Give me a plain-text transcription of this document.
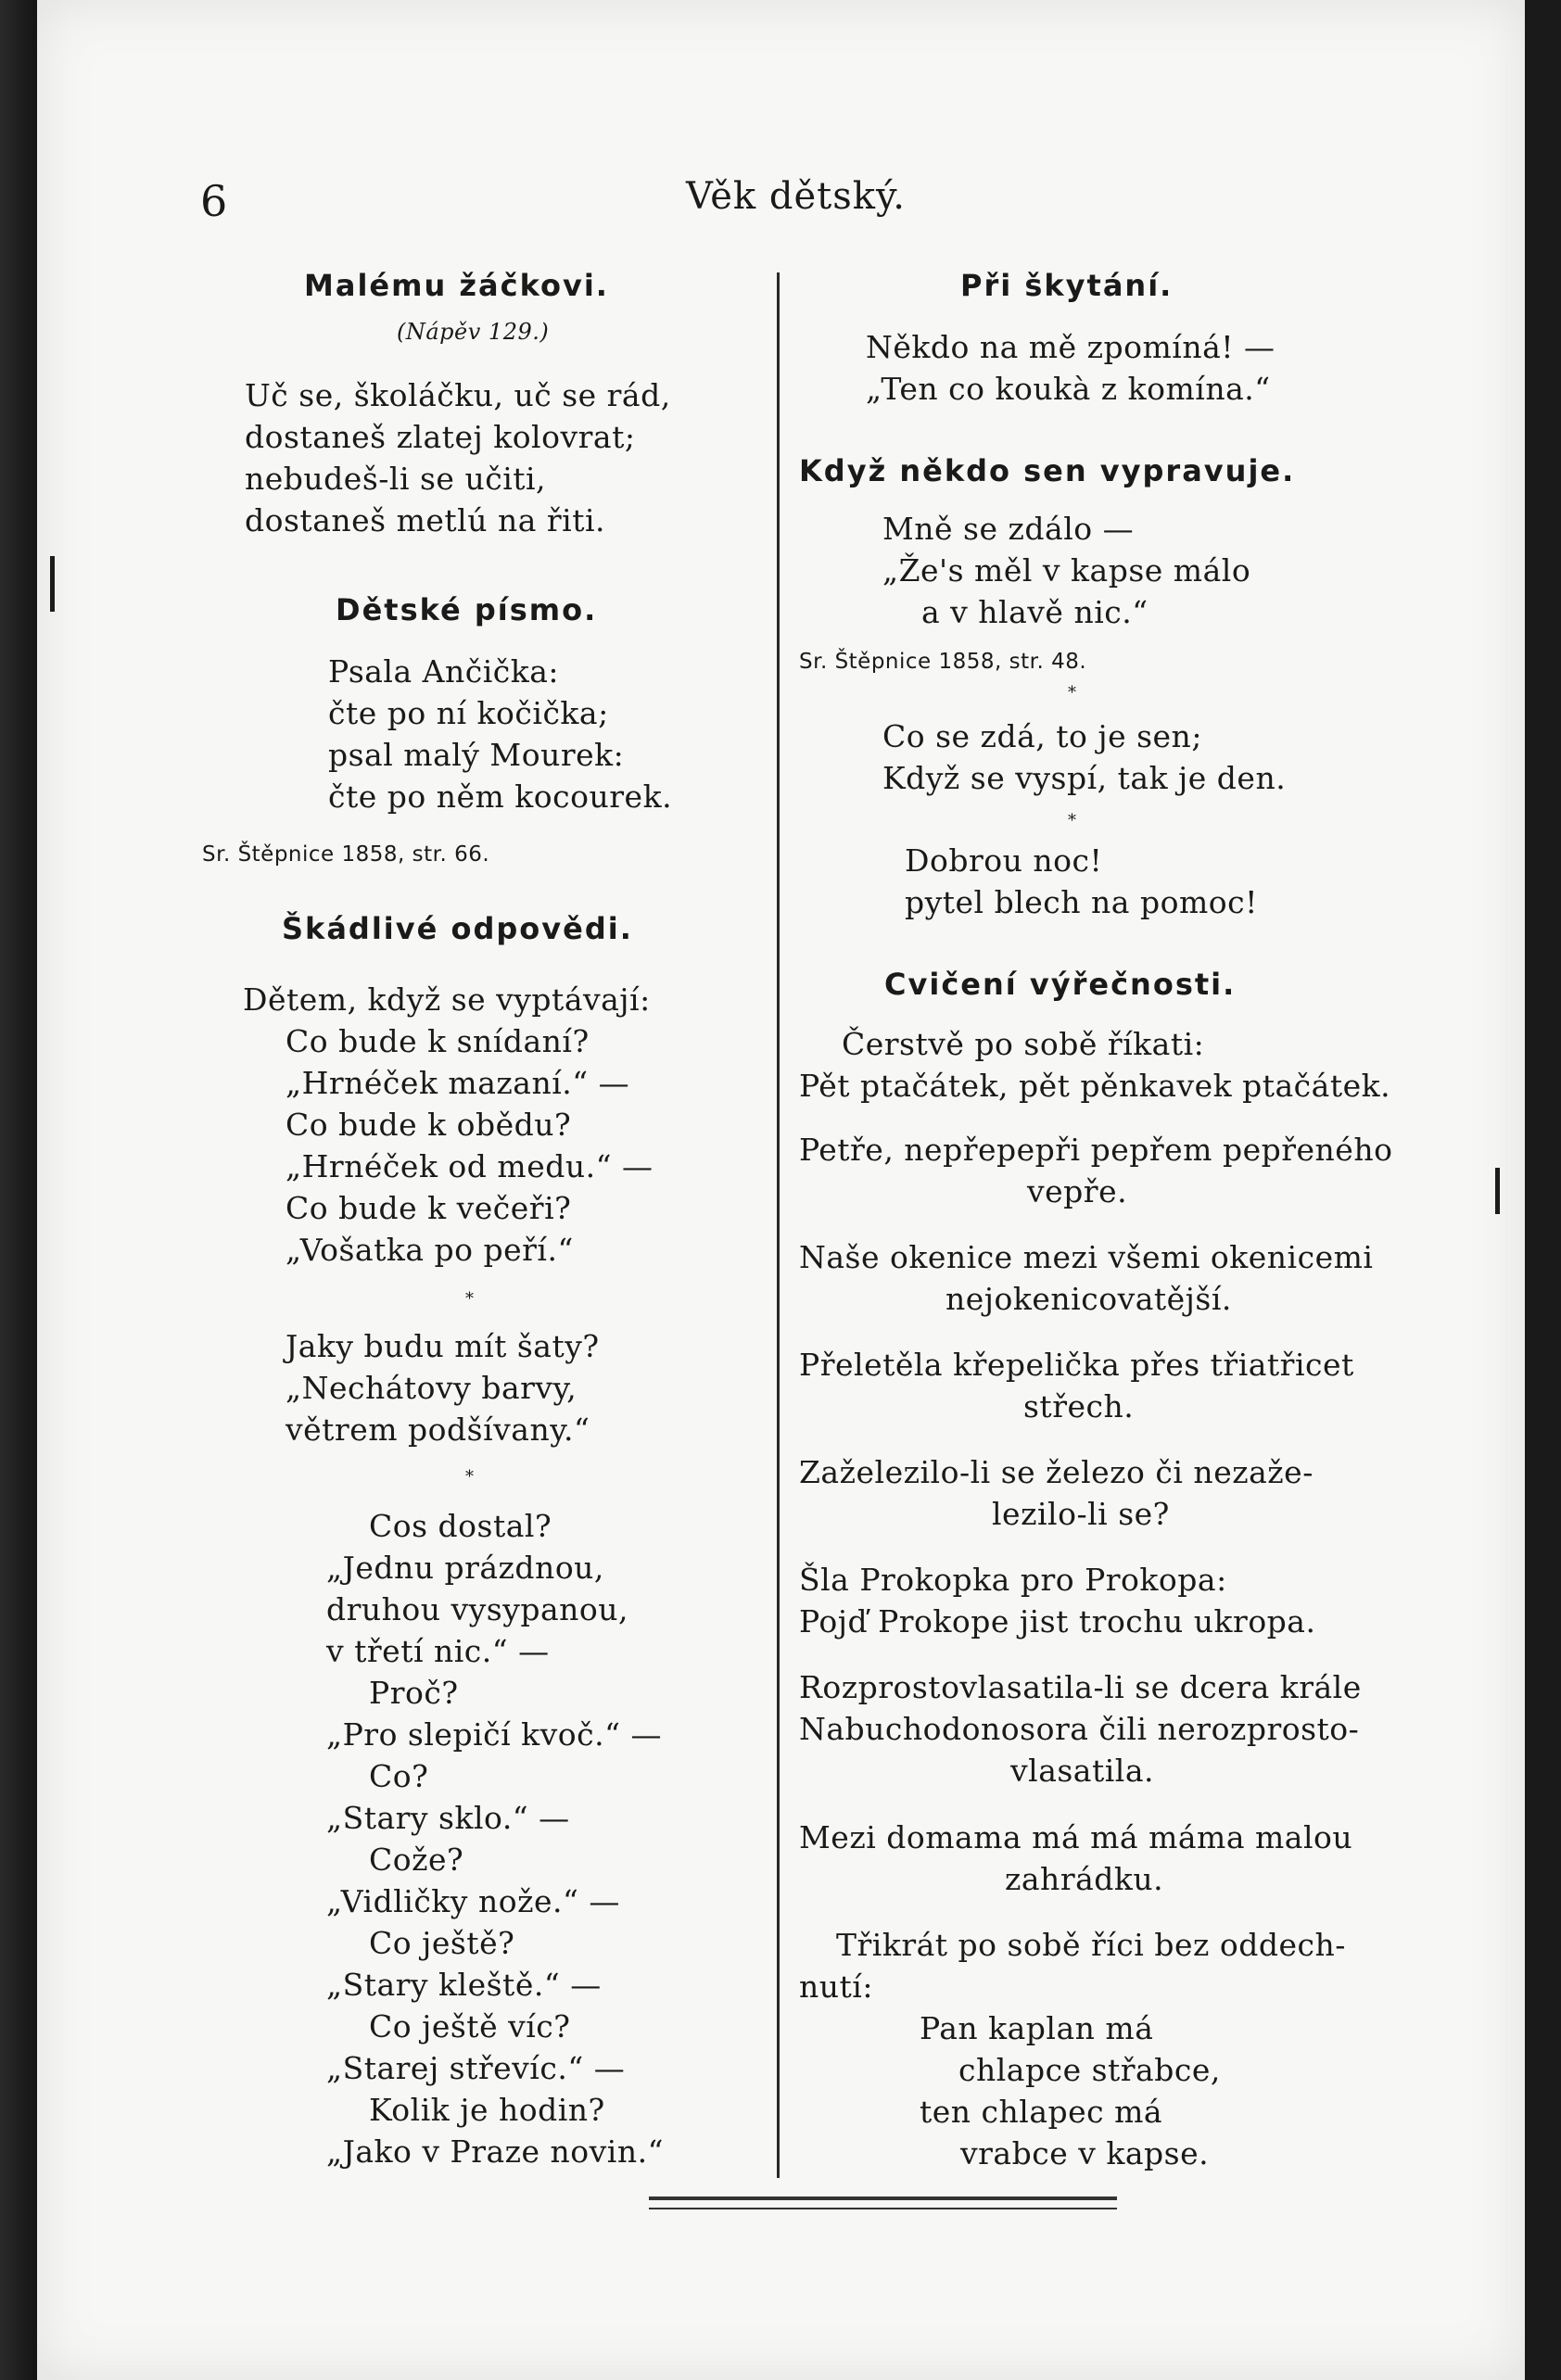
6	Věk dětský.
Malému žáčkovi.
(Nápěv 129.)
Uč se, školáčku, uč se rád,
dostaneš zlatej kolovrat;
nebudeš-li se učiti,
dostaneš metlú na řiti.
Dětské písmo.
Psala Ančička:
čte po ní kočička;
psal malý Mourek:
čte po něm kocourek.
Sr. Štěpnice 1858, str. 66.
Škádlivé odpovědi.
Dětem, když se vyptávají:
Co bude k snídaní?
„Hrnéček mazaní.“ —
Co bude k obědu?
„Hrnéček od medu.“ —
Co bude k večeři?
„Vošatka po peří.“
*
Jaky budu mít šaty?
„Nechátovy barvy,
větrem podšívany.“
*
Cos dostal?
„Jednu prázdnou,
druhou vysypanou,
v třetí nic.“ —
Proč?
„Pro slepičí kvoč.“ —
Co?
„Stary sklo.“ —
Cože?
„Vidličky nože.“ —
Co ještě?
„Stary kleště.“ —
Co ještě víc?
„Starej střevíc.“ —
Kolik je hodin?
„Jako v Praze novin.“
Při škytání.
Někdo na mě zpomíná! —
„Ten co koukà z komína.“
Když někdo sen vypravuje.
Mně se zdálo —
„Že's měl v kapse málo
a v hlavě nic.“
Sr. Štěpnice 1858, str. 48.
*
Co se zdá, to je sen;
Když se vyspí, tak je den.
*
Dobrou noc!
pytel blech na pomoc!
Cvičení výřečnosti.
Čerstvě po sobě říkati:
Pět ptačátek, pět pěnkavek ptačátek.
Petře, nepřepepři pepřem pepřeného
vepře.
Naše okenice mezi všemi okenicemi
nejokenicovatější.
Přeletěla křepelička přes třiatřicet
střech.
Zaželezilo-li se železo či nezaže-
lezilo-li se?
Šla Prokopka pro Prokopa:
Pojď Prokope jist trochu ukropa.
Rozprostovlasatila-li se dcera krále
Nabuchodonosora čili nerozprosto-
vlasatila.
Mezi domama má má máma malou
zahrádku.
Třikrát po sobě říci bez oddech-
nutí:
Pan kaplan má
chlapce střabce,
ten chlapec má
vrabce v kapse.
